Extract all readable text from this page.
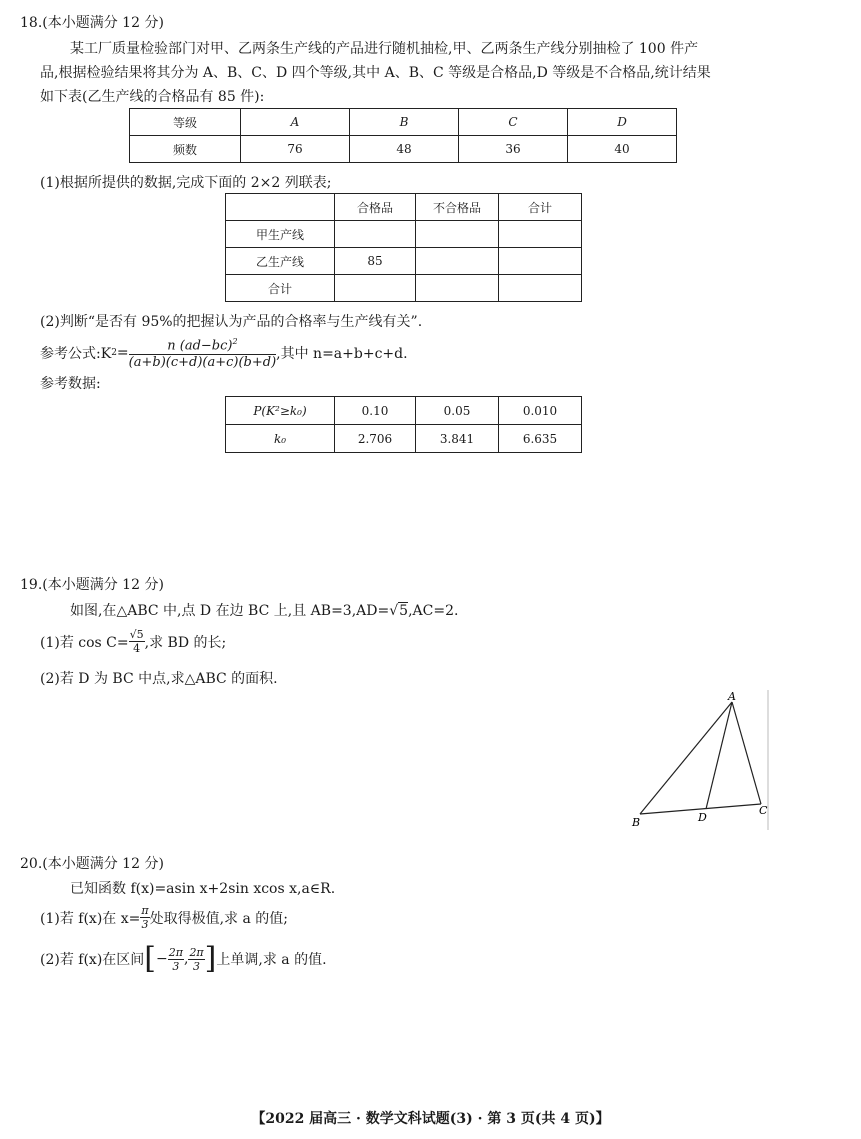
18.(本小题满分 12 分)
某工厂质量检验部门对甲、乙两条生产线的产品进行随机抽检,甲、乙两条生产线分别抽检了 100 件产
品,根据检验结果将其分为 A、B、C、D 四个等级,其中 A、B、C 等级是合格品,D 等级是不合格品,统计结果
如下表(乙生产线的合格品有 85 件):
等级	A	B	C	D
频数	76	48	36	40
(1)根据所提供的数据,完成下面的 2×2 列联表;
	合格品	不合格品	合计
甲生产线			
乙生产线	85		
合计			
(2)判断“是否有 95%的把握认为产品的合格率与生产线有关”.
参考公式:K $2 = \frac{n (ad-bc)^2}{(a+b)(c+d)(a+c)(b+d)}$ ,其中 n=a+b+c+d.
参考数据:
P(K²≥k₀)	0.10	0.05	0.010
k₀	2.706	3.841	6.635
19.(本小题满分 12 分)
如图,在△ABC 中,点 D 在边 BC 上,且 AB=3,AD=√5,AC=2.
(1)若 $\cos C= \frac{√5}{4}$ ,求 BD 的长;
(2)若 D 为 BC 中点,求△ABC 的面积.
A
B
C
D
20.(本小题满分 12 分)
已知函数 f(x)=asin x+2sin xcos x,a∈R.
(1)若 f(x)在 $x= \frac{\pi}{3}$ 处取得极值,求 a 的值;
(2)若 f(x)在区间 [ − $\frac{2\pi}{3}$ , $\frac{2\pi}{3}$ ] 上单调,求 a 的值.
【2022 届高三 · 数学文科试题(3) · 第 3 页(共 4 页)】
